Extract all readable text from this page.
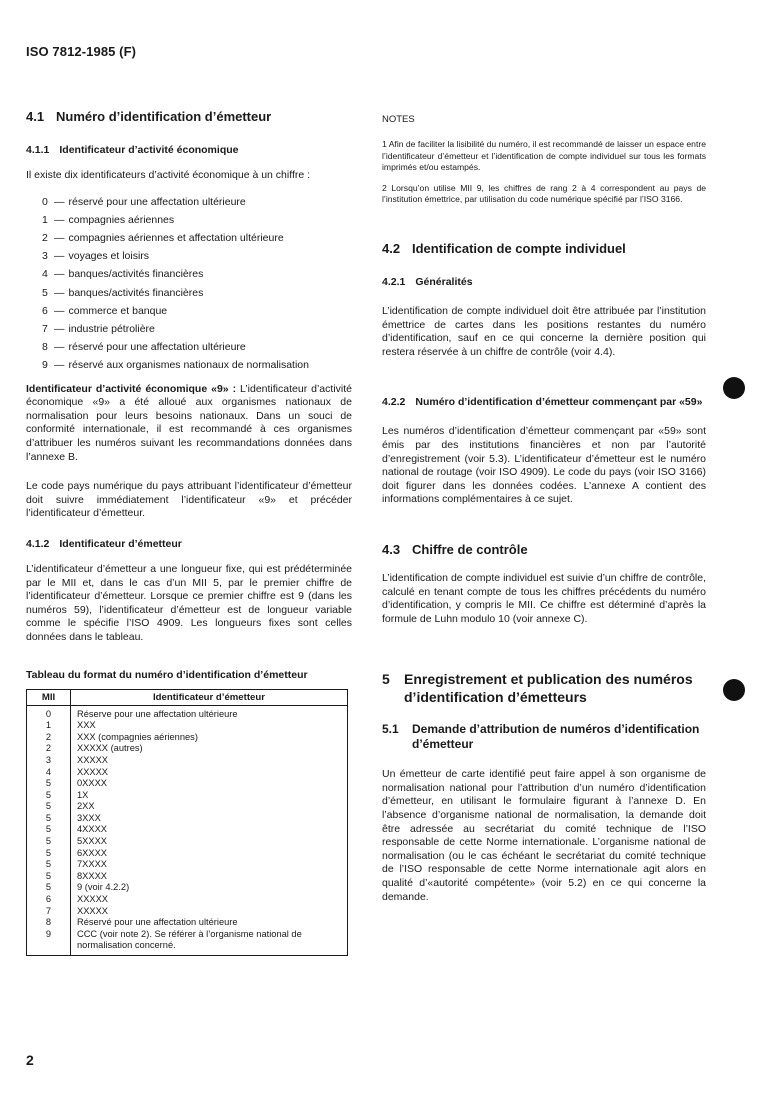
ISO 7812-1985 (F)
4.1 Numéro d’identification d’émetteur
4.1.1 Identificateur d’activité économique

Il existe dix identificateurs d’activité économique à un chiffre :

0 — réservé pour une affectation ultérieure
1 — compagnies aériennes
2 — compagnies aériennes et affectation ultérieure
3 — voyages et loisirs
4 — banques/activités financières
5 — banques/activités financières
6 — commerce et banque
7 — industrie pétrolière
8 — réservé pour une affectation ultérieure
9 — réservé aux organismes nationaux de normalisation

Identificateur d’activité économique «9» : L’identificateur d’activité économique «9» a été alloué aux organismes nationaux de normalisation pour leurs besoins nationaux. Dans un souci de conformité internationale, il est recommandé à ces organismes d’attribuer les numéros suivant les recommandations données dans l’annexe B.

Le code pays numérique du pays attribuant l’identificateur d’émetteur doit suivre immédiatement l’identificateur «9» et précéder l’identificateur d’émetteur.

4.1.2 Identificateur d’émetteur

L’identificateur d’émetteur a une longueur fixe, qui est prédéterminée par le MII et, dans le cas d’un MII 5, par le premier chiffre de l’identificateur d’émetteur. Lorsque ce premier chiffre est 9 (dans les numéros 59), l’identificateur d’émetteur est de longueur variable comme le spécifie l’ISO 4909. Les longueurs fixes sont celles données dans le tableau.

Tableau du format du numéro d’identification d’émetteur
MII	Identificateur d’émetteur
0	Réserve pour une affectation ultérieure
1	XXX
2	XXX (compagnies aériennes)
2	XXXXX (autres)
3	XXXXX
4	XXXXX
5	0XXXX
5	1X
5	2XX
5	3XXX
5	4XXXX
5	5XXXX
5	6XXXX
5	7XXXX
5	8XXXX
5	9 (voir 4.2.2)
6	XXXXX
7	XXXXX
8	Réservé pour une affectation ultérieure
9	CCC (voir note 2). Se référer à l’organisme national de normalisation concerné.
NOTES

1 Afin de faciliter la lisibilité du numéro, il est recommandé de laisser un espace entre l’identificateur d’émetteur et l’identification de compte individuel sur tous les formats imprimés et/ou estampés.

2 Lorsqu’on utilise MII 9, les chiffres de rang 2 à 4 correspondent au pays de l’institution émettrice, par utilisation du code numérique spécifié par l’ISO 3166.

4.2 Identification de compte individuel
4.2.1 Généralités

L’identification de compte individuel doit être attribuée par l’institution émettrice de cartes dans les positions restantes du numéro d’identification, sauf en ce qui concerne la dernière position qui restera réservée à un chiffre de contrôle (voir 4.4).

4.2.2 Numéro d’identification d’émetteur commençant par «59»

Les numéros d’identification d’émetteur commençant par «59» sont émis par des institutions financières et non par l’autorité d’enregistrement (voir 5.3). L’identificateur d’émetteur est le numéro national de routage (voir ISO 4909). Le code du pays (voir ISO 3166) doit figurer dans les données codées. L’annexe A contient des informations complémentaires à ce sujet.

4.3 Chiffre de contrôle

L’identification de compte individuel est suivie d’un chiffre de contrôle, calculé en tenant compte de tous les chiffres précédents du numéro d’identification, y compris le MII. Ce chiffre est déterminé d’après la formule de Luhn modulo 10 (voir annexe C).

5	Enregistrement et publication des numéros d’identification d’émetteurs
5.1	Demande d’attribution de numéros d’identification d’émetteur

Un émetteur de carte identifié peut faire appel à son organisme de normalisation national pour l’attribution d’un numéro d’identification d’émetteur, en utilisant le formulaire figurant à l’annexe D. En l’absence d’organisme national de normalisation, la demande doit être adressée au secrétariat du comité technique de l’ISO responsable de cette Norme internationale. L’organisme national de normalisation (ou le cas échéant le secrétariat du comité technique de l’ISO responsable de cette Norme internationale agit alors en qualité d’«autorité compétente» (voir 5.2) en ce qui concerne la demande.

2
